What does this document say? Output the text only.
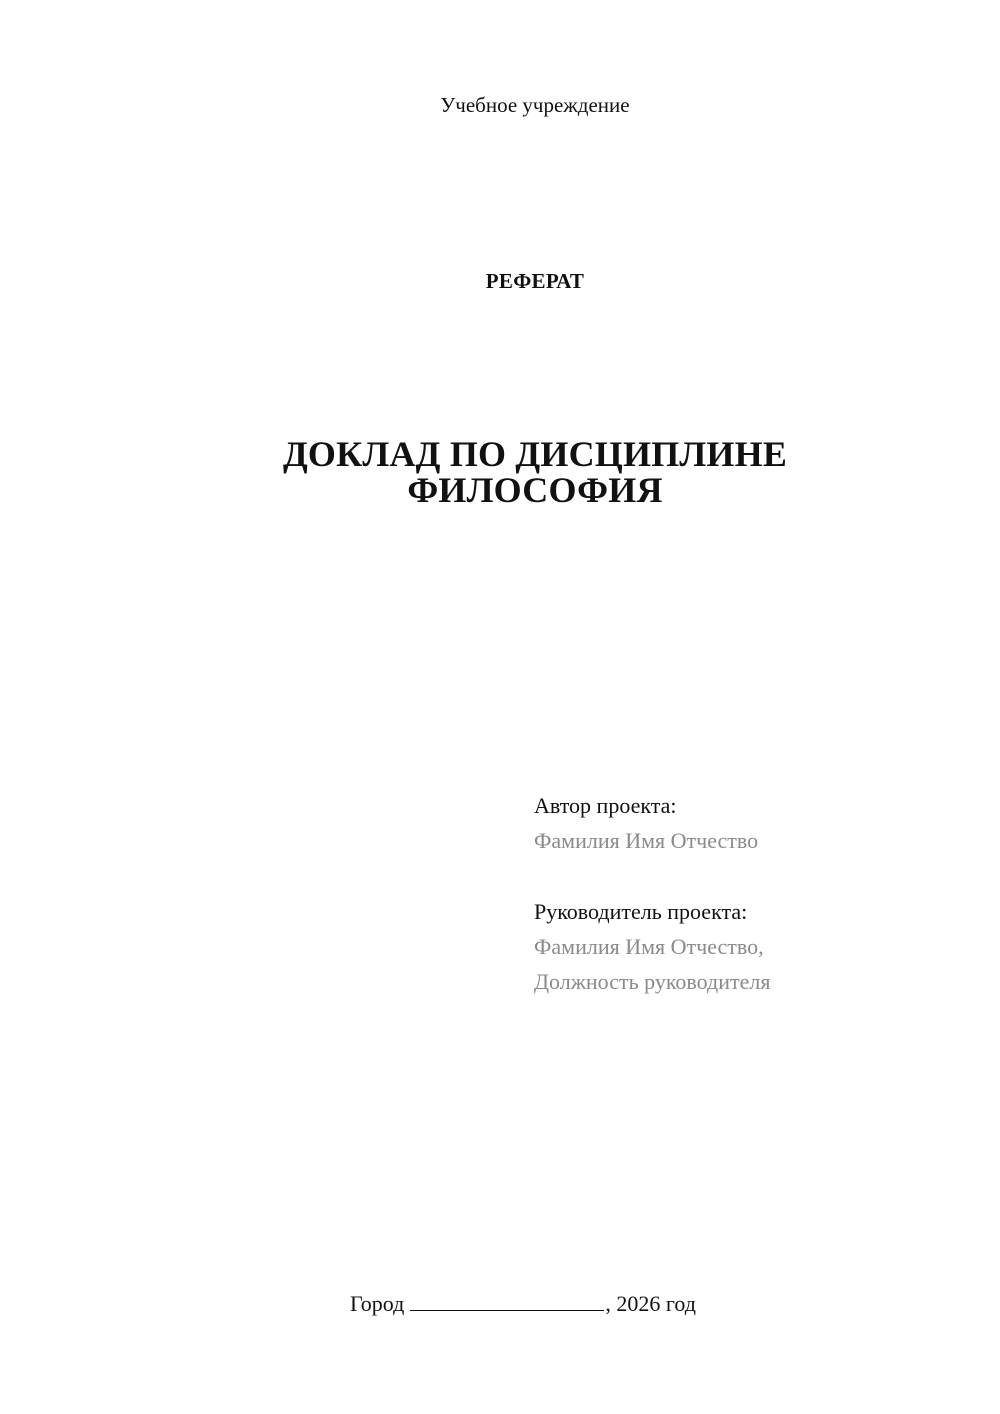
Учебное учреждение
РЕФЕРАТ
ДОКЛАД ПО ДИСЦИПЛИНЕ
ФИЛОСОФИЯ
Автор проекта:
Фамилия Имя Отчество
Руководитель проекта:
Фамилия Имя Отчество,
Должность руководителя
Город	, 2026 год
